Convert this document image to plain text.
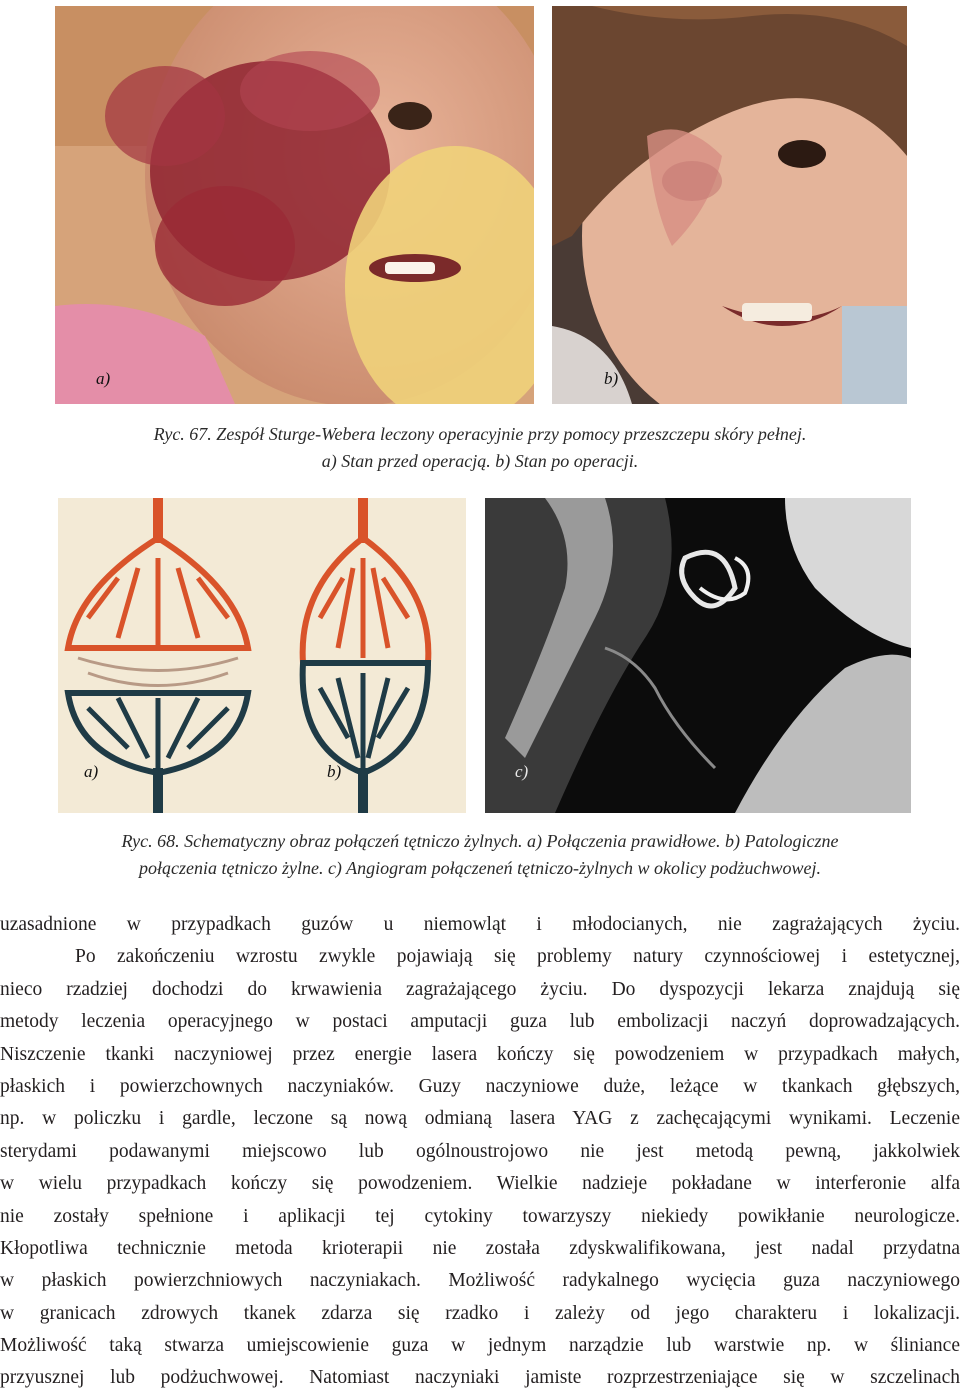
a)	b)
Ryc. 67. Zespół Sturge-Webera leczony operacyjnie przy pomocy przeszczepu skóry pełnej.
a) Stan przed operacją. b) Stan po operacji.
a)	b)	c)
Ryc. 68. Schematyczny obraz połączeń tętniczo żylnych. a) Połączenia prawidłowe. b) Patologiczne
połączenia tętniczo żylne. c) Angiogram połączeneń tętniczo-żylnych w okolicy podżuchwowej.
uzasadnione w przypadkach guzów u niemowląt i młodocianych, nie zagrażających życiu.
Po zakończeniu wzrostu zwykle pojawiają się problemy natury czynnościowej i estetycznej,
nieco rzadziej dochodzi do krwawienia zagrażającego życiu. Do dyspozycji lekarza znajdują się
metody leczenia operacyjnego w postaci amputacji guza lub embolizacji naczyń doprowadzających.
Niszczenie tkanki naczyniowej przez energie lasera kończy się powodzeniem w przypadkach małych,
płaskich i powierzchownych naczyniaków. Guzy naczyniowe duże, leżące w tkankach głębszych,
np. w policzku i gardle, leczone są nową odmianą lasera YAG z zachęcającymi wynikami. Leczenie
sterydami podawanymi miejscowo lub ogólnoustrojowo nie jest metodą pewną, jakkolwiek
w wielu przypadkach kończy się powodzeniem. Wielkie nadzieje pokładane w interferonie alfa
nie zostały spełnione i aplikacji tej cytokiny towarzyszy niekiedy powikłanie neurologicze.
Kłopotliwa technicznie metoda krioterapii nie została zdyskwalifikowana, jest nadal przydatna
w płaskich powierzchniowych naczyniakach. Możliwość radykalnego wycięcia guza naczyniowego
w granicach zdrowych tkanek zdarza się rzadko i zależy od jego charakteru i lokalizacji.
Możliwość taką stwarza umiejscowienie guza w jednym narządzie lub warstwie np. w śliniance
przyusznej lub podżuchwowej. Natomiast naczyniaki jamiste rozprzestrzeniające się w szczelinach
